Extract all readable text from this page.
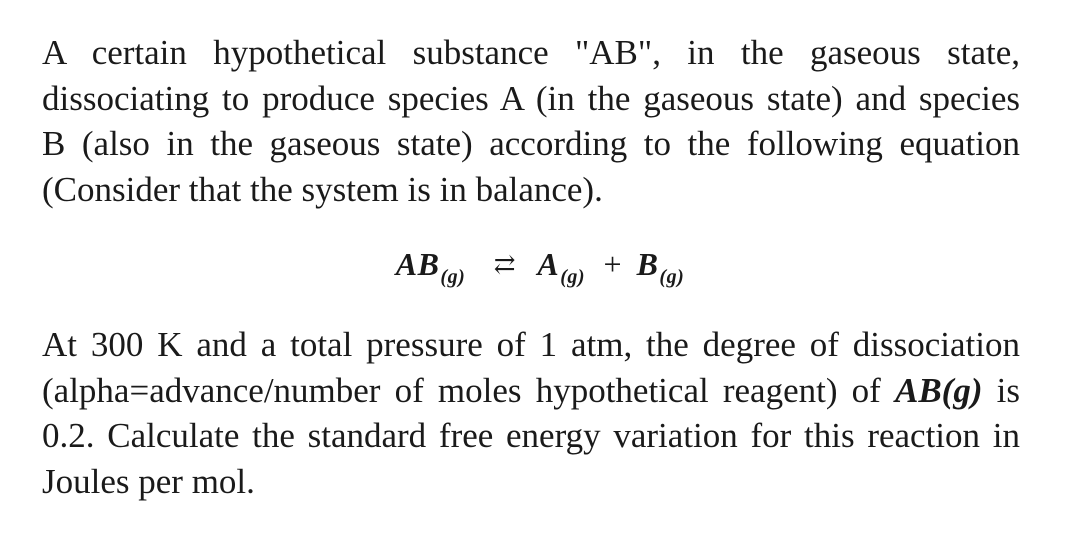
A certain hypothetical substance "AB", in the gaseous state,
dissociating to produce species A (in the gaseous state) and species
B (also in the gaseous state) according to the following equation
(Consider that the system is in balance).

$AB_{(g)}$ ⇄ $A_{(g)} + B_{(g)}$

At 300 K and a total pressure of 1 atm, the degree of dissociation
(alpha=advance/number of moles hypothetical reagent) of AB(g) is
0.2. Calculate the standard free energy variation for this reaction in
Joules per mol.
